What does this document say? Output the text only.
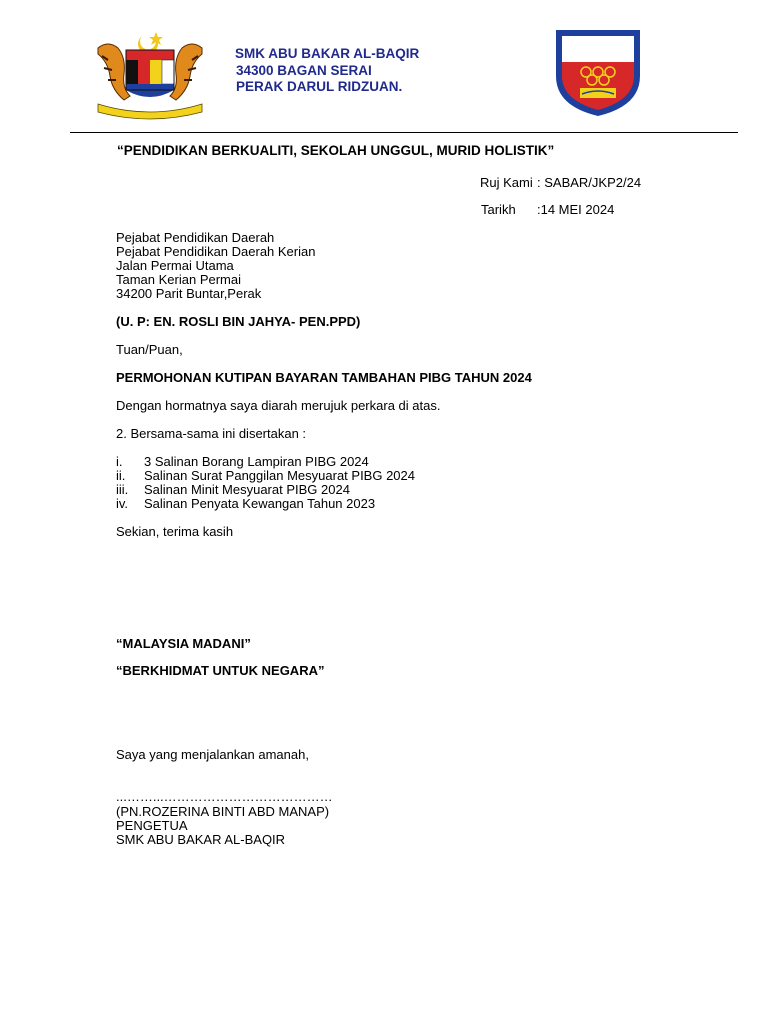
SMK ABU BAKAR AL-BAQIR
34300 BAGAN SERAI
PERAK DARUL RIDZUAN.
“PENDIDIKAN BERKUALITI, SEKOLAH UNGGUL, MURID HOLISTIK”
Ruj Kami : SABAR/JKP2/24
Tarikh :14 MEI 2024
Pejabat Pendidikan Daerah
Pejabat Pendidikan Daerah Kerian
Jalan Permai Utama
Taman Kerian Permai
34200 Parit Buntar,Perak
(U. P: EN. ROSLI BIN JAHYA- PEN.PPD)
Tuan/Puan,
PERMOHONAN KUTIPAN BAYARAN TAMBAHAN PIBG TAHUN 2024
Dengan hormatnya saya diarah merujuk perkara di atas.
2. Bersama-sama ini disertakan :
i. 3 Salinan Borang Lampiran PIBG 2024
ii. Salinan Surat Panggilan Mesyuarat PIBG 2024
iii. Salinan Minit Mesyuarat PIBG 2024
iv. Salinan Penyata Kewangan Tahun 2023
Sekian, terima kasih
“MALAYSIA MADANI”
“BERKHIDMAT UNTUK NEGARA”
Saya yang menjalankan amanah,
...……...…………………………………
(PN.ROZERINA BINTI ABD MANAP)
PENGETUA
SMK ABU BAKAR AL-BAQIR
